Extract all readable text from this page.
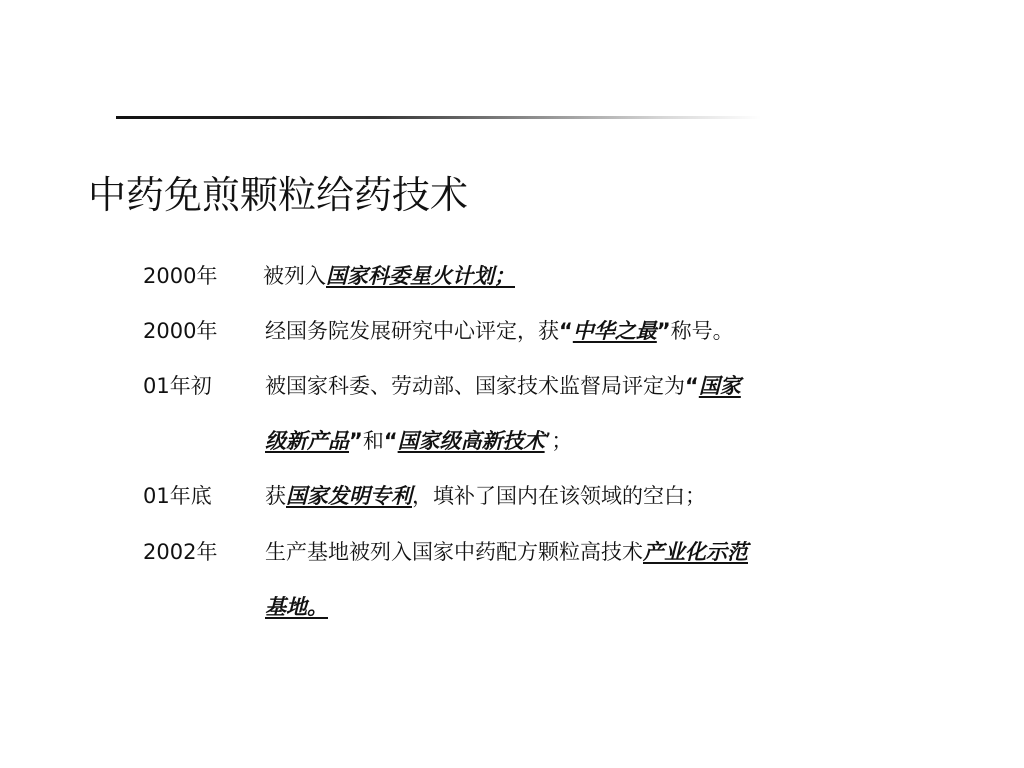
中药免煎颗粒给药技术
2000年 被列入国家科委星火计划；
2000年 经国务院发展研究中心评定，获“中华之最”称号。
01年初	被国家科委、劳动部、国家技术监督局评定为“国家
级新产品”和“国家级高新技术’；
01年底	获国家发明专利，填补了国内在该领域的空白；
2002年 生产基地被列入国家中药配方颗粒高技术产业化示范
基地。
